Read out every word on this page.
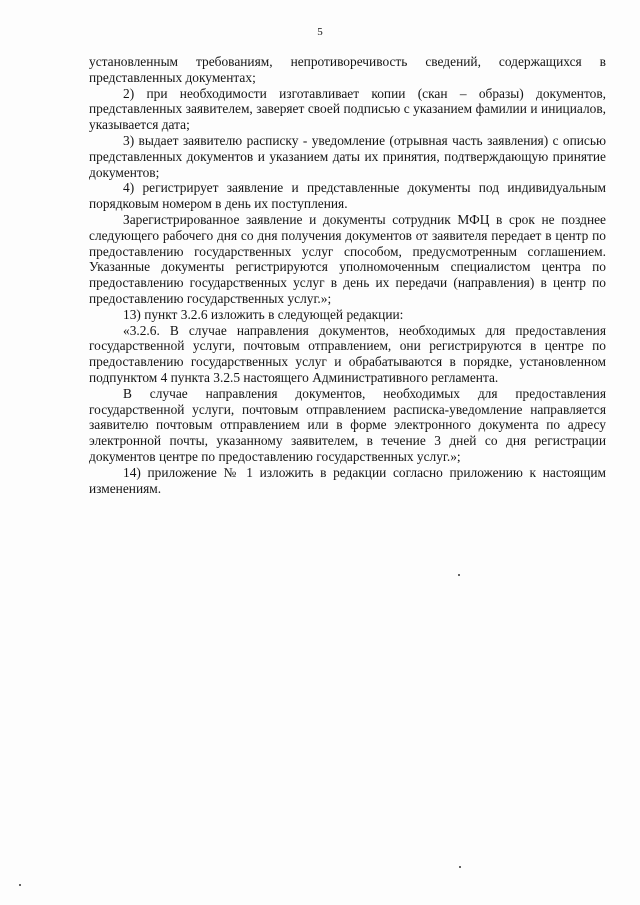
5

установленным требованиям, непротиворечивость сведений, содержащихся в представленных документах;

2) при необходимости изготавливает копии (скан – образы) документов, представленных заявителем, заверяет своей подписью с указанием фамилии и инициалов, указывается дата;

3) выдает заявителю расписку - уведомление (отрывная часть заявления) с описью представленных документов и указанием даты их принятия, подтверждающую принятие документов;

4) регистрирует заявление и представленные документы под индивидуальным порядковым номером в день их поступления.

Зарегистрированное заявление и документы сотрудник МФЦ в срок не позднее следующего рабочего дня со дня получения документов от заявителя передает в центр по предоставлению государственных услуг способом, предусмотренным соглашением. Указанные документы регистрируются уполномоченным специалистом центра по предоставлению государственных услуг в день их передачи (направления) в центр по предоставлению государственных услуг.»;

13) пункт 3.2.6 изложить в следующей редакции:

«3.2.6. В случае направления документов, необходимых для предоставления государственной услуги, почтовым отправлением, они регистрируются в центре по предоставлению государственных услуг и обрабатываются в порядке, установленном подпунктом 4 пункта 3.2.5 настоящего Административного регламента.

В случае направления документов, необходимых для предоставления государственной услуги, почтовым отправлением расписка-уведомление направляется заявителю почтовым отправлением или в форме электронного документа по адресу электронной почты, указанному заявителем, в течение 3 дней со дня регистрации документов центре по предоставлению государственных услуг.»;

14) приложение № 1 изложить в редакции согласно приложению к настоящим изменениям.
